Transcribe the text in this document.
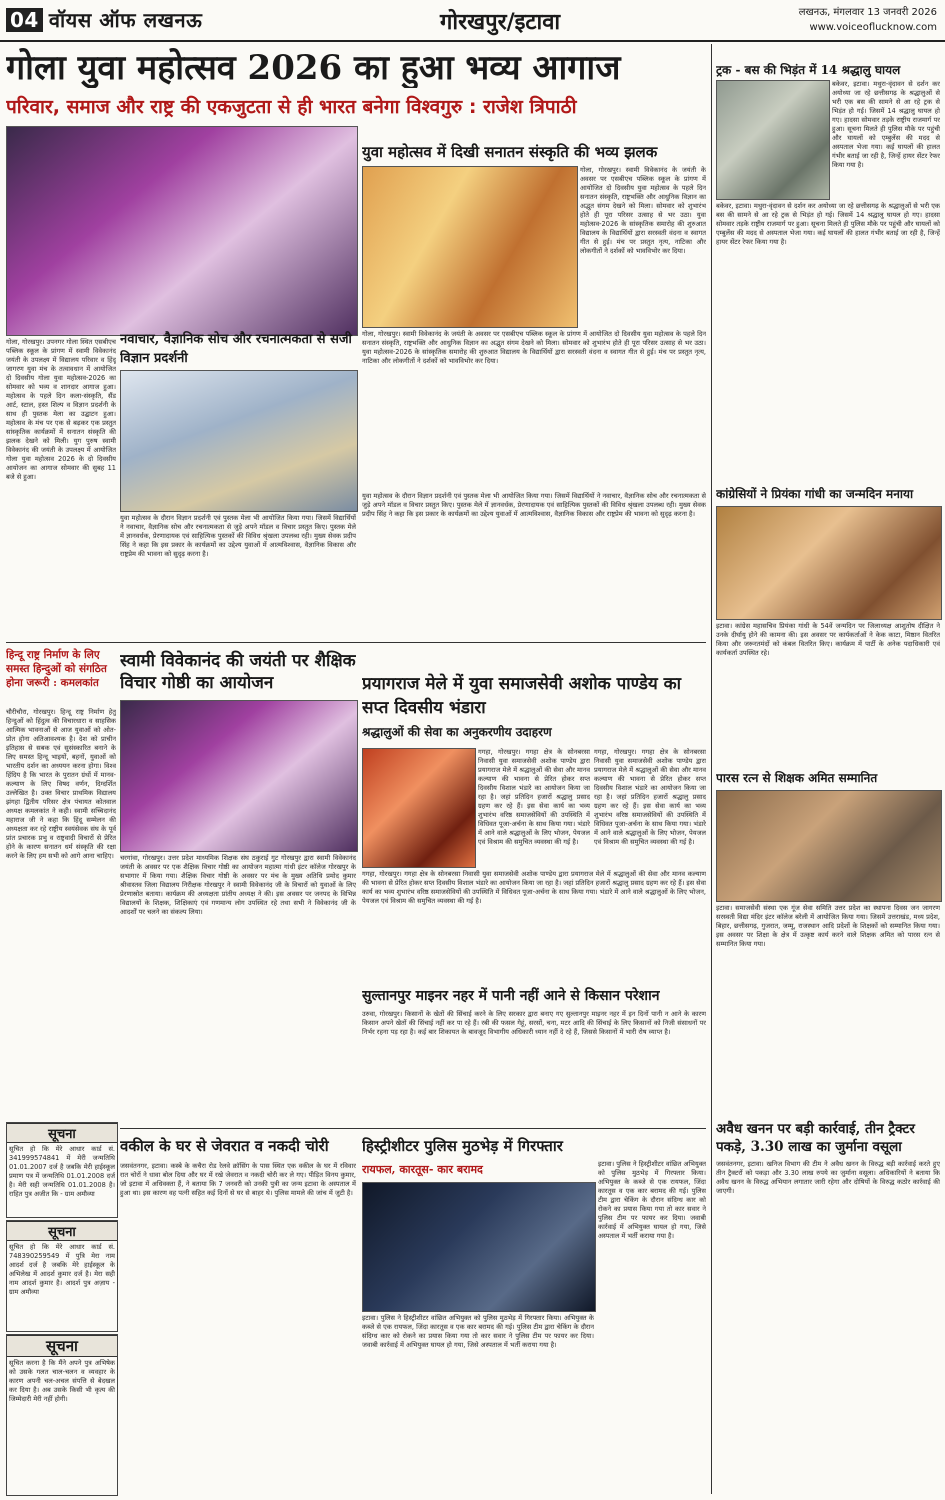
04 वॉयस ऑफ लखनऊ	गोरखपुर/इटावा	लखनऊ, मंगलवार 13 जनवरी 2026
www.voiceoflucknow.com
गोला युवा महोत्सव 2026 का हुआ भव्य आगाज
परिवार, समाज और राष्ट्र की एकजुटता से ही भारत बनेगा विश्वगुरु : राजेश त्रिपाठी
गोला, गोरखपुर। उपनगर गोला स्थित एसबीएच पब्लिक स्कूल के प्रांगण में स्वामी विवेकानंद जयंती के उपलक्ष्य में विद्यालय परिवार व हिंदू जागरण युवा मंच के तत्वावधान में आयोजित दो दिवसीय गोला युवा महोत्सव-2026 का सोमवार को भव्य व शानदार आगाज हुआ। महोत्सव के पहले दिन कला-संस्कृति, सैंड आर्ट, स्टाल, हस्त शिल्प व विज्ञान प्रदर्शनी के साथ ही पुस्तक मेला का उद्घाटन हुआ। महोत्सव के मंच पर एक से बढ़कर एक प्रस्तुत सांस्कृतिक कार्यक्रमों में सनातन संस्कृति की झलक देखने को मिली। युग पुरुष स्वामी विवेकानंद की जयंती के उपलक्ष्य में आयोजित गोला युवा महोत्सव 2026 के दो दिवसीय आयोजन का आगाज सोमवार की सुबह 11 बजे से हुआ।
युवा महोत्सव में दिखी सनातन संस्कृति की भव्य झलक
गोला, गोरखपुर। स्वामी विवेकानंद के जयंती के अवसर पर एसबीएच पब्लिक स्कूल के प्रांगण में आयोजित दो दिवसीय युवा महोत्सव के पहले दिन सनातन संस्कृति, राष्ट्रभक्ति और आधुनिक विज्ञान का अद्भुत संगम देखने को मिला। सोमवार को शुभारंभ होते ही पूरा परिसर उत्साह से भर उठा। युवा महोत्सव-2026 के सांस्कृतिक समारोह की शुरुआत विद्यालय के विद्यार्थियों द्वारा सरस्वती वंदना व स्वागत गीत से हुई। मंच पर प्रस्तुत नृत्य, नाटिका और लोकगीतों ने दर्शकों को भावविभोर कर दिया।
गोला, गोरखपुर। स्वामी विवेकानंद के जयंती के अवसर पर एसबीएच पब्लिक स्कूल के प्रांगण में आयोजित दो दिवसीय युवा महोत्सव के पहले दिन सनातन संस्कृति, राष्ट्रभक्ति और आधुनिक विज्ञान का अद्भुत संगम देखने को मिला। सोमवार को शुभारंभ होते ही पूरा परिसर उत्साह से भर उठा। युवा महोत्सव-2026 के सांस्कृतिक समारोह की शुरुआत विद्यालय के विद्यार्थियों द्वारा सरस्वती वंदना व स्वागत गीत से हुई। मंच पर प्रस्तुत नृत्य, नाटिका और लोकगीतों ने दर्शकों को भावविभोर कर दिया।
नवाचार, वैज्ञानिक सोच और रचनात्मकता से सजी विज्ञान प्रदर्शनी
युवा महोत्सव के दौरान विज्ञान प्रदर्शनी एवं पुस्तक मेला भी आयोजित किया गया। जिसमें विद्यार्थियों ने नवाचार, वैज्ञानिक सोच और रचनात्मकता से जुड़े अपने मॉडल व विचार प्रस्तुत किए। पुस्तक मेले में ज्ञानवर्धक, प्रेरणादायक एवं साहित्यिक पुस्तकों की विविध श्रृंखला उपलब्ध रही। मुख्य सेवक प्रदीप सिंह ने कहा कि इस प्रकार के कार्यक्रमों का उद्देश्य युवाओं में आत्मविश्वास, वैज्ञानिक विकास और राष्ट्रप्रेम की भावना को सुदृढ़ करना है।
युवा महोत्सव के दौरान विज्ञान प्रदर्शनी एवं पुस्तक मेला भी आयोजित किया गया। जिसमें विद्यार्थियों ने नवाचार, वैज्ञानिक सोच और रचनात्मकता से जुड़े अपने मॉडल व विचार प्रस्तुत किए। पुस्तक मेले में ज्ञानवर्धक, प्रेरणादायक एवं साहित्यिक पुस्तकों की विविध श्रृंखला उपलब्ध रही। मुख्य सेवक प्रदीप सिंह ने कहा कि इस प्रकार के कार्यक्रमों का उद्देश्य युवाओं में आत्मविश्वास, वैज्ञानिक विकास और राष्ट्रप्रेम की भावना को सुदृढ़ करना है।
हिन्दू राष्ट्र निर्माण के लिए समस्त हिन्दुओं को संगठित होना जरूरी : कमलकांत
चौरीचौरा, गोरखपुर। हिन्दू राष्ट्र निर्माण हेतु हिन्दुओं को हिंदुत्व की विचारधारा व साहसिक आत्मिक भावनाओं से आज युवाओं को ओत-प्रोत होना अतिआवश्यक है। देश को प्राचीन इतिहास से सबक एवं सुसंस्कारित बनाने के लिए समस्त हिन्दू भाइयों, बहनों, युवाओं को भारतीय दर्शन का अध्ययन करना होगा। विश्व हिंदिय है कि भारत के पुरातन ग्रंथों में मानव-कल्याण के लिए विषद वर्णन, दिग्दर्शित उल्लेखित है। उक्त विचार प्राथमिक विद्यालय झंगहा द्वितीय परिसर क्षेत्र पंचायत कोतवाल अध्यक्ष कमलकांत ने कही। स्वामी सच्चिदानंद महाराज जी ने कहा कि हिंदू सम्मेलन की अध्यक्षता कर रहे राष्ट्रीय स्वयंसेवक संघ के पूर्व प्रांत प्रचारक प्रभु व राष्ट्रवादी विचारों से प्रेरित होने के कारण सनातन धर्म संस्कृति की रक्षा करने के लिए हम सभी को आगे आना चाहिए।
स्वामी विवेकानंद की जयंती पर शैक्षिक विचार गोष्ठी का आयोजन
चरगांवा, गोरखपुर। उत्तर प्रदेश माध्यमिक शिक्षक संघ ठकुराई गुट गोरखपुर द्वारा स्वामी विवेकानंद जयंती के अवसर पर एक शैक्षिक विचार गोष्ठी का आयोजन महात्मा गांधी इंटर कॉलेज गोरखपुर के सभागार में किया गया। शैक्षिक विचार गोष्ठी के अवसर पर मंच के मुख्य अतिथि प्रमोद कुमार श्रीवास्तव जिला विद्यालय निरीक्षक गोरखपुर ने स्वामी विवेकानंद जी के विचारों को युवाओं के लिए प्रेरणास्रोत बताया। कार्यक्रम की अध्यक्षता प्रांतीय अध्यक्ष ने की। इस अवसर पर जनपद के विभिन्न विद्यालयों के शिक्षक, शिक्षिकाएं एवं गणमान्य लोग उपस्थित रहे तथा सभी ने विवेकानंद जी के आदर्शों पर चलने का संकल्प लिया।
प्रयागराज मेले में युवा समाजसेवी अशोक पाण्डेय का सप्त दिवसीय भंडारा
श्रद्धालुओं की सेवा का अनुकरणीय उदाहरण
गगहा, गोरखपुर। गगहा क्षेत्र के सोनबरसा निवासी युवा समाजसेवी अशोक पाण्डेय द्वारा प्रयागराज मेले में श्रद्धालुओं की सेवा और मानव कल्याण की भावना से प्रेरित होकर सप्त दिवसीय विशाल भंडारे का आयोजन किया जा रहा है। जहां प्रतिदिन हजारों श्रद्धालु प्रसाद ग्रहण कर रहे हैं। इस सेवा कार्य का भव्य शुभारंभ वरिष्ठ समाजसेवियों की उपस्थिति में विधिवत पूजा-अर्चना के साथ किया गया। भंडारे में आने वाले श्रद्धालुओं के लिए भोजन, पेयजल एवं विश्राम की समुचित व्यवस्था की गई है।
गगहा, गोरखपुर। गगहा क्षेत्र के सोनबरसा निवासी युवा समाजसेवी अशोक पाण्डेय द्वारा प्रयागराज मेले में श्रद्धालुओं की सेवा और मानव कल्याण की भावना से प्रेरित होकर सप्त दिवसीय विशाल भंडारे का आयोजन किया जा रहा है। जहां प्रतिदिन हजारों श्रद्धालु प्रसाद ग्रहण कर रहे हैं। इस सेवा कार्य का भव्य शुभारंभ वरिष्ठ समाजसेवियों की उपस्थिति में विधिवत पूजा-अर्चना के साथ किया गया। भंडारे में आने वाले श्रद्धालुओं के लिए भोजन, पेयजल एवं विश्राम की समुचित व्यवस्था की गई है।
गगहा, गोरखपुर। गगहा क्षेत्र के सोनबरसा निवासी युवा समाजसेवी अशोक पाण्डेय द्वारा प्रयागराज मेले में श्रद्धालुओं की सेवा और मानव कल्याण की भावना से प्रेरित होकर सप्त दिवसीय विशाल भंडारे का आयोजन किया जा रहा है। जहां प्रतिदिन हजारों श्रद्धालु प्रसाद ग्रहण कर रहे हैं। इस सेवा कार्य का भव्य शुभारंभ वरिष्ठ समाजसेवियों की उपस्थिति में विधिवत पूजा-अर्चना के साथ किया गया। भंडारे में आने वाले श्रद्धालुओं के लिए भोजन, पेयजल एवं विश्राम की समुचित व्यवस्था की गई है।
सुल्तानपुर माइनर नहर में पानी नहीं आने से किसान परेशान
उरुवा, गोरखपुर। किसानों के खेतों की सिंचाई करने के लिए सरकार द्वारा बनाए गए सुल्तानपुर माइनर नहर में इन दिनों पानी न आने के कारण किसान अपने खेतों की सिंचाई नहीं कर पा रहे हैं। रबी की फसल गेहूं, सरसों, चना, मटर आदि की सिंचाई के लिए किसानों को निजी संसाधनों पर निर्भर रहना पड़ रहा है। कई बार शिकायत के बावजूद विभागीय अधिकारी ध्यान नहीं दे रहे हैं, जिससे किसानों में भारी रोष व्याप्त है।
सूचना
सूचित हो कि मेरे आधार कार्ड सं. 341999574841 में मेरी जन्मतिथि 01.01.2007 दर्ज है जबकि मेरी हाईस्कूल प्रमाण पत्र में जन्मतिथि 01.01.2008 दर्ज है। मेरी सही जन्मतिथि 01.01.2008 है। राहित पुत्र अजीत कि - ग्राम अमौव्या
सूचना
सूचित हो कि मेरे आधार कार्ड सं. 748390259549 में पुत्रि मेरा नाम आदर्श दर्ज है जबकि मेरे हाईस्कूल के अभिलेख में आदर्श कुमार दर्ज है। मेरा सही नाम आदर्श कुमार है। आदर्श पुत्र अज़ाय - ग्राम अमौव्या
सूचना
सूचित करना है कि मैंने अपने पुत्र अभिषेक को उसके गलत चाल-चलन व व्यवहार के कारण अपनी चल-अचल संपत्ति से बेदखल कर दिया है। अब उसके किसी भी कृत्य की जिम्मेदारी मेरी नहीं होगी।
वकील के घर से जेवरात व नकदी चोरी
जसवंतनगर, इटावा। कस्बे के कचैरा रोड रेलवे क्रॉसिंग के पास स्थित एक वकील के घर में रविवार रात चोरों ने धावा बोल दिया और घर में रखे जेवरात व नकदी चोरी कर ले गए। पीड़ित विनय कुमार, जो इटावा में अधिवक्ता हैं, ने बताया कि 7 जनवरी को उनकी पुत्री का जन्म इटावा के अस्पताल में हुआ था। इस कारण वह पत्नी सहित कई दिनों से घर से बाहर थे। पुलिस मामले की जांच में जुटी है।
हिस्ट्रीशीटर पुलिस मुठभेड़ में गिरफ्तार
रायफल, कारतूस- कार बरामद	इटावा। पुलिस ने हिस्ट्रीशीटर वांछित अभियुक्त को पुलिस मुठभेड़ में गिरफ्तार किया। अभियुक्त के कब्जे से एक रायफल, जिंदा कारतूस व एक कार बरामद की गई। पुलिस टीम द्वारा चेकिंग के दौरान संदिग्ध कार को रोकने का प्रयास किया गया तो कार सवार ने पुलिस टीम पर फायर कर दिया। जवाबी कार्रवाई में अभियुक्त घायल हो गया, जिसे अस्पताल में भर्ती कराया गया है।
इटावा। पुलिस ने हिस्ट्रीशीटर वांछित अभियुक्त को पुलिस मुठभेड़ में गिरफ्तार किया। अभियुक्त के कब्जे से एक रायफल, जिंदा कारतूस व एक कार बरामद की गई। पुलिस टीम द्वारा चेकिंग के दौरान संदिग्ध कार को रोकने का प्रयास किया गया तो कार सवार ने पुलिस टीम पर फायर कर दिया। जवाबी कार्रवाई में अभियुक्त घायल हो गया, जिसे अस्पताल में भर्ती कराया गया है।
ट्रक - बस की भिड़ंत में 14 श्रद्धालु घायल
बकेवर, इटावा। मथुरा-वृंदावन से दर्शन कर अयोध्या जा रहे छत्तीसगढ़ के श्रद्धालुओं से भरी एक बस की सामने से आ रहे ट्रक से भिड़ंत हो गई। जिसमें 14 श्रद्धालु घायल हो गए। हादसा सोमवार तड़के राष्ट्रीय राजमार्ग पर हुआ। सूचना मिलते ही पुलिस मौके पर पहुंची और घायलों को एम्बुलेंस की मदद से अस्पताल भेजा गया। कई घायलों की हालत गंभीर बताई जा रही है, जिन्हें हायर सेंटर रेफर किया गया है।
बकेवर, इटावा। मथुरा-वृंदावन से दर्शन कर अयोध्या जा रहे छत्तीसगढ़ के श्रद्धालुओं से भरी एक बस की सामने से आ रहे ट्रक से भिड़ंत हो गई। जिसमें 14 श्रद्धालु घायल हो गए। हादसा सोमवार तड़के राष्ट्रीय राजमार्ग पर हुआ। सूचना मिलते ही पुलिस मौके पर पहुंची और घायलों को एम्बुलेंस की मदद से अस्पताल भेजा गया। कई घायलों की हालत गंभीर बताई जा रही है, जिन्हें हायर सेंटर रेफर किया गया है।
कांग्रेसियों ने प्रियंका गांधी का जन्मदिन मनाया
इटावा। कांग्रेस महासचिव प्रियंका गांधी के 54वें जन्मदिन पर जिलाध्यक्ष आशुतोष दीक्षित ने उनके दीर्घायु होने की कामना की। इस अवसर पर कार्यकर्ताओं ने केक काटा, मिष्ठान वितरित किया और जरूरतमंदों को कंबल वितरित किए। कार्यक्रम में पार्टी के अनेक पदाधिकारी एवं कार्यकर्ता उपस्थित रहे।
पारस रत्न से शिक्षक अमित सम्मानित
इटावा। समाजसेवी संस्था एक गूंज सेवा समिति उत्तर प्रदेश का स्थापना दिवस जन जागरण सरस्वती विद्या मंदिर इंटर कॉलेज बरेली में आयोजित किया गया। जिसमें उत्तराखंड, मध्य प्रदेश, बिहार, छत्तीसगढ़, गुजरात, जम्मू, राजस्थान आदि प्रदेशों के शिक्षकों को सम्मानित किया गया। इस अवसर पर शिक्षा के क्षेत्र में उत्कृष्ट कार्य करने वाले शिक्षक अमित को पारस रत्न से सम्मानित किया गया।
अवैध खनन पर बड़ी कार्रवाई, तीन ट्रैक्टर पकड़े, 3.30 लाख का जुर्माना वसूला
जसवंतनगर, इटावा। खनिज विभाग की टीम ने अवैध खनन के विरुद्ध बड़ी कार्रवाई करते हुए तीन ट्रैक्टरों को पकड़ा और 3.30 लाख रुपये का जुर्माना वसूला। अधिकारियों ने बताया कि अवैध खनन के विरुद्ध अभियान लगातार जारी रहेगा और दोषियों के विरुद्ध कठोर कार्रवाई की जाएगी।
